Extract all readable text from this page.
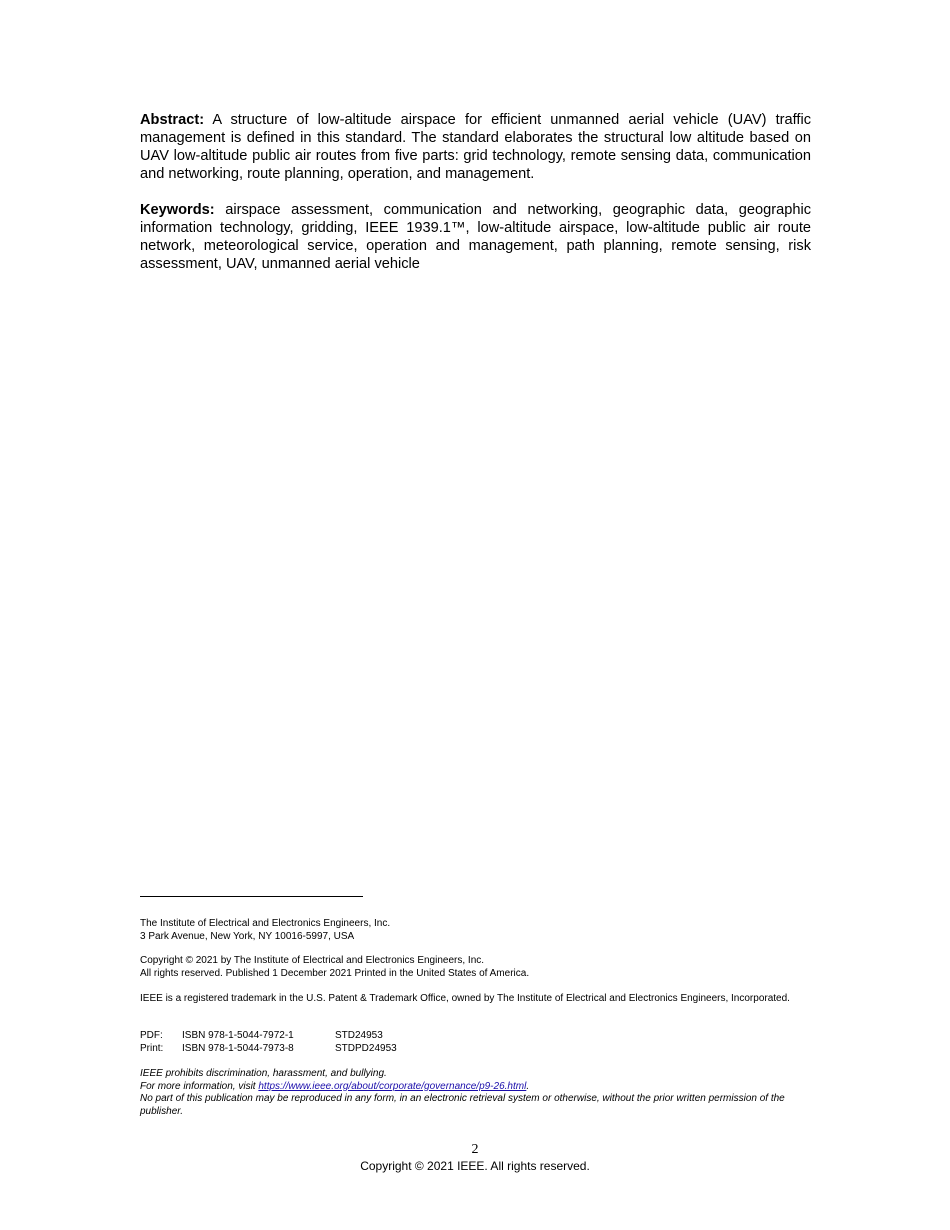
Abstract: A structure of low-altitude airspace for efficient unmanned aerial vehicle (UAV) traffic management is defined in this standard. The standard elaborates the structural low altitude based on UAV low-altitude public air routes from five parts: grid technology, remote sensing data, communication and networking, route planning, operation, and management.

Keywords: airspace assessment, communication and networking, geographic data, geographic information technology, gridding, IEEE 1939.1™, low-altitude airspace, low-altitude public air route network, meteorological service, operation and management, path planning, remote sensing, risk assessment, UAV, unmanned aerial vehicle

The Institute of Electrical and Electronics Engineers, Inc.
3 Park Avenue, New York, NY 10016-5997, USA
Copyright © 2021 by The Institute of Electrical and Electronics Engineers, Inc.
All rights reserved. Published 1 December 2021 Printed in the United States of America.
IEEE is a registered trademark in the U.S. Patent & Trademark Office, owned by The Institute of Electrical and Electronics Engineers, Incorporated.
PDF:	ISBN 978-1-5044-7972-1	STD24953
Print:	ISBN 978-1-5044-7973-8	STDPD24953
IEEE prohibits discrimination, harassment, and bullying.
For more information, visit https://www.ieee.org/about/corporate/governance/p9-26.html.
No part of this publication may be reproduced in any form, in an electronic retrieval system or otherwise, without the prior written permission of the publisher.
2
Copyright © 2021 IEEE. All rights reserved.
